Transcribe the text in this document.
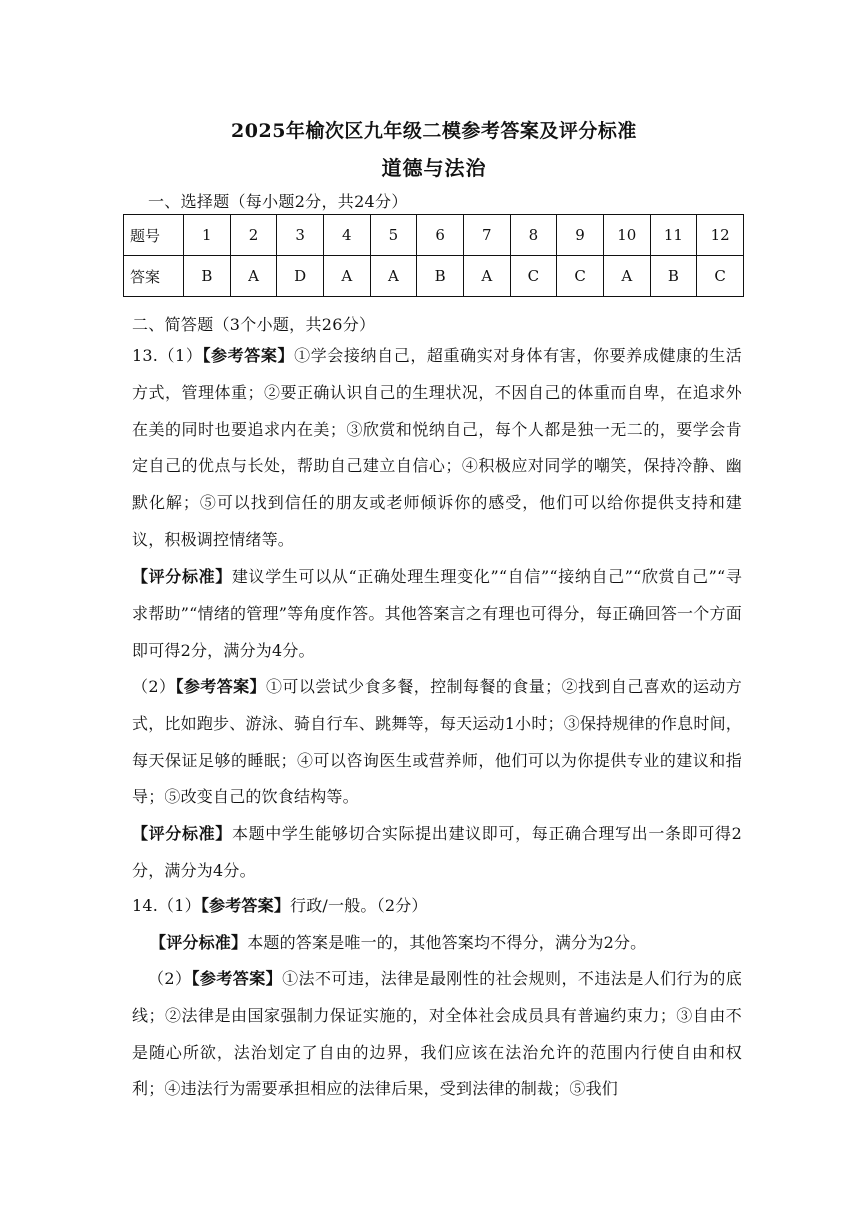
2025年榆次区九年级二模参考答案及评分标准
道德与法治
一、选择题（每小题2分，共24分）
题号	1	2	3	4	5	6	7	8	9	10	11	12
答案	B	A	D	A	A	B	A	C	C	A	B	C
二、简答题（3个小题，共26分）
13.（1）【参考答案】①学会接纳自己，超重确实对身体有害，你要养成健康的生活方式，管理体重；②要正确认识自己的生理状况，不因自己的体重而自卑，在追求外在美的同时也要追求内在美；③欣赏和悦纳自己，每个人都是独一无二的，要学会肯定自己的优点与长处，帮助自己建立自信心；④积极应对同学的嘲笑，保持冷静、幽默化解；⑤可以找到信任的朋友或老师倾诉你的感受，他们可以给你提供支持和建议，积极调控情绪等。
【评分标准】建议学生可以从“正确处理生理变化”“自信”“接纳自己”“欣赏自己”“寻求帮助”“情绪的管理”等角度作答。其他答案言之有理也可得分，每正确回答一个方面即可得2分，满分为4分。
（2）【参考答案】①可以尝试少食多餐，控制每餐的食量；②找到自己喜欢的运动方式，比如跑步、游泳、骑自行车、跳舞等，每天运动1小时；③保持规律的作息时间，每天保证足够的睡眠；④可以咨询医生或营养师，他们可以为你提供专业的建议和指导；⑤改变自己的饮食结构等。
【评分标准】本题中学生能够切合实际提出建议即可，每正确合理写出一条即可得2分，满分为4分。
14.（1）【参考答案】行政/一般。（2分）
【评分标准】本题的答案是唯一的，其他答案均不得分，满分为2分。
（2）【参考答案】①法不可违，法律是最刚性的社会规则，不违法是人们行为的底线；②法律是由国家强制力保证实施的，对全体社会成员具有普遍约束力；③自由不是随心所欲，法治划定了自由的边界，我们应该在法治允许的范围内行使自由和权利；④违法行为需要承担相应的法律后果，受到法律的制裁；⑤我们
